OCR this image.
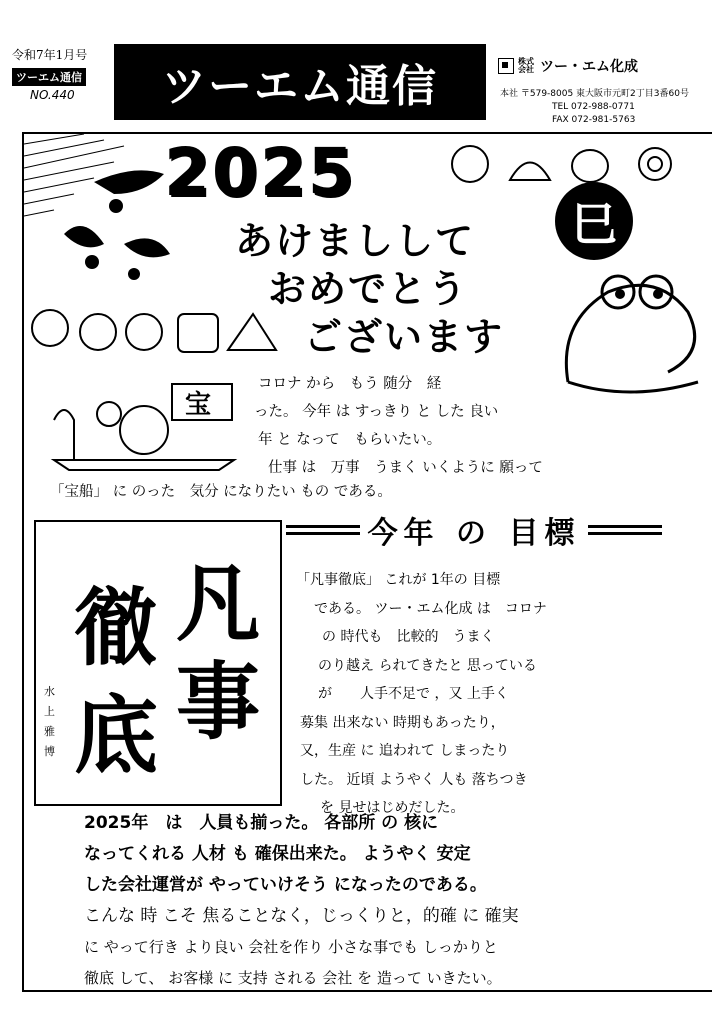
令和7年1月号
ツーエム通信
NO.440	ツーエム通信	株式会社 ツー・エム化成
本社 〒579-8005 東大阪市元町2丁目3番60号
TEL 072-988-0771
FAX 072-981-5763
2025
あけましして
おめでとう
ございます
巳
宝
コロナ から　もう 随分　経
った。 今年 は すっきり と した 良い
年 と なって　もらいたい。
仕事 は　万事　うまく いくように 願って
「宝船」 に のった　気分 になりたい もの である。
今年 の 目標
凡
事
徹
底
水上雅博
「凡事徹底」 これが 1年の 目標
である。 ツー・エム化成 は　コロナ
の 時代も　比較的　うまく
のり越え られてきたと 思っている
が　　人手不足で ，又 上手く
募集 出来ない 時期もあったり，
又，生産 に 追われて しまったり
した。 近頃 ようやく 人も 落ちつき
を 見せはじめだした。
2025年　は　人員も揃った。 各部所 の 核に
なってくれる 人材 も 確保出来た。 ようやく 安定
した会社運営が やっていけそう になったのである。
こんな 時 こそ 焦ることなく，じっくりと，的確 に 確実
に やって行き より良い 会社を作り 小さな事でも しっかりと
徹底 して、 お客様 に 支持 される 会社 を 造って いきたい。
